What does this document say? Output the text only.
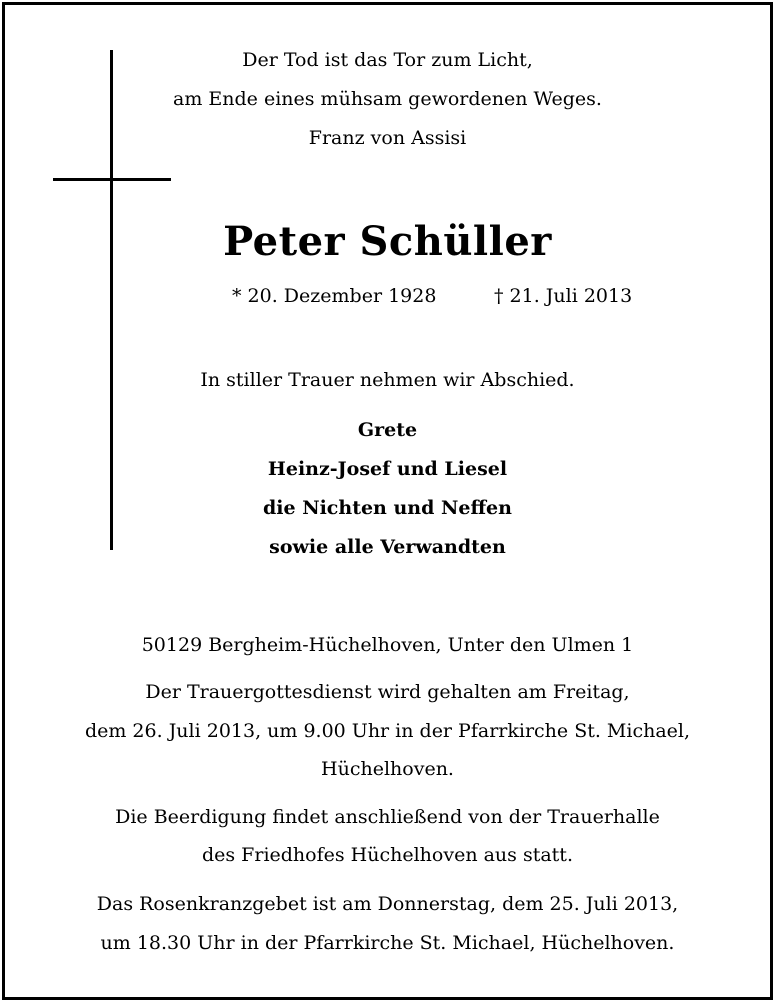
Der Tod ist das Tor zum Licht,
am Ende eines mühsam gewordenen Weges.
Franz von Assisi
Peter Schüller
* 20. Dezember 1928	† 21. Juli 2013
In stiller Trauer nehmen wir Abschied.
Grete
Heinz-Josef und Liesel
die Nichten und Neffen
sowie alle Verwandten
50129 Bergheim-Hüchelhoven, Unter den Ulmen 1
Der Trauergottesdienst wird gehalten am Freitag,
dem 26. Juli 2013, um 9.00 Uhr in der Pfarrkirche St. Michael,
Hüchelhoven.
Die Beerdigung findet anschließend von der Trauerhalle
des Friedhofes Hüchelhoven aus statt.
Das Rosenkranzgebet ist am Donnerstag, dem 25. Juli 2013,
um 18.30 Uhr in der Pfarrkirche St. Michael, Hüchelhoven.
